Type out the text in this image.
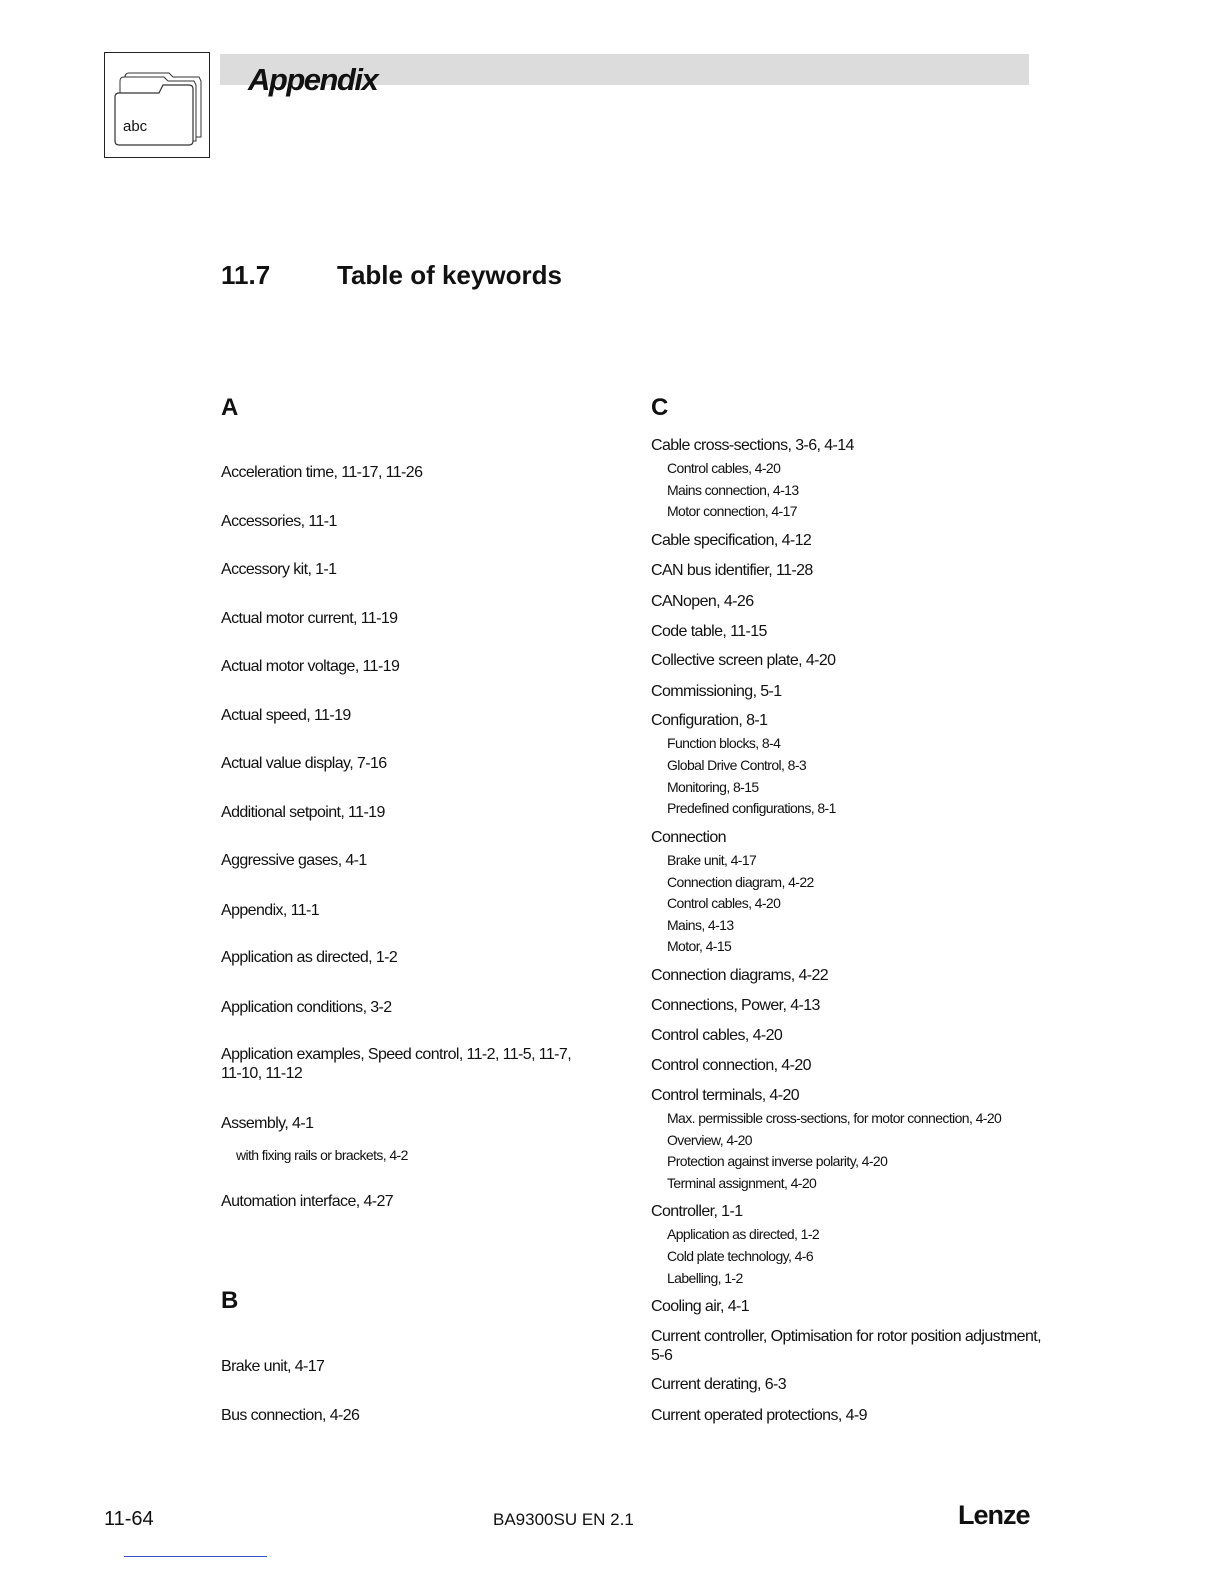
abc
Appendix
11.7	Table of keywords
A
Acceleration time, 11-17, 11-26
Accessories, 11-1
Accessory kit, 1-1
Actual motor current, 11-19
Actual motor voltage, 11-19
Actual speed, 11-19
Actual value display, 7-16
Additional setpoint, 11-19
Aggressive gases, 4-1
Appendix, 11-1
Application as directed, 1-2
Application conditions, 3-2
Application examples, Speed control, 11-2, 11-5, 11-7,
11-10, 11-12
Assembly, 4-1
with fixing rails or brackets, 4-2
Automation interface, 4-27
B
Brake unit, 4-17
Bus connection, 4-26
C
Cable cross-sections, 3-6, 4-14
Control cables, 4-20
Mains connection, 4-13
Motor connection, 4-17
Cable specification, 4-12
CAN bus identifier, 11-28
CANopen, 4-26
Code table, 11-15
Collective screen plate, 4-20
Commissioning, 5-1
Configuration, 8-1
Function blocks, 8-4
Global Drive Control, 8-3
Monitoring, 8-15
Predefined configurations, 8-1
Connection
Brake unit, 4-17
Connection diagram, 4-22
Control cables, 4-20
Mains, 4-13
Motor, 4-15
Connection diagrams, 4-22
Connections, Power, 4-13
Control cables, 4-20
Control connection, 4-20
Control terminals, 4-20
Max. permissible cross-sections, for motor connection, 4-20
Overview, 4-20
Protection against inverse polarity, 4-20
Terminal assignment, 4-20
Controller, 1-1
Application as directed, 1-2
Cold plate technology, 4-6
Labelling, 1-2
Cooling air, 4-1
Current controller, Optimisation for rotor position adjustment,
5-6
Current derating, 6-3
Current operated protections, 4-9
11-64	BA9300SU EN 2.1	Lenze
